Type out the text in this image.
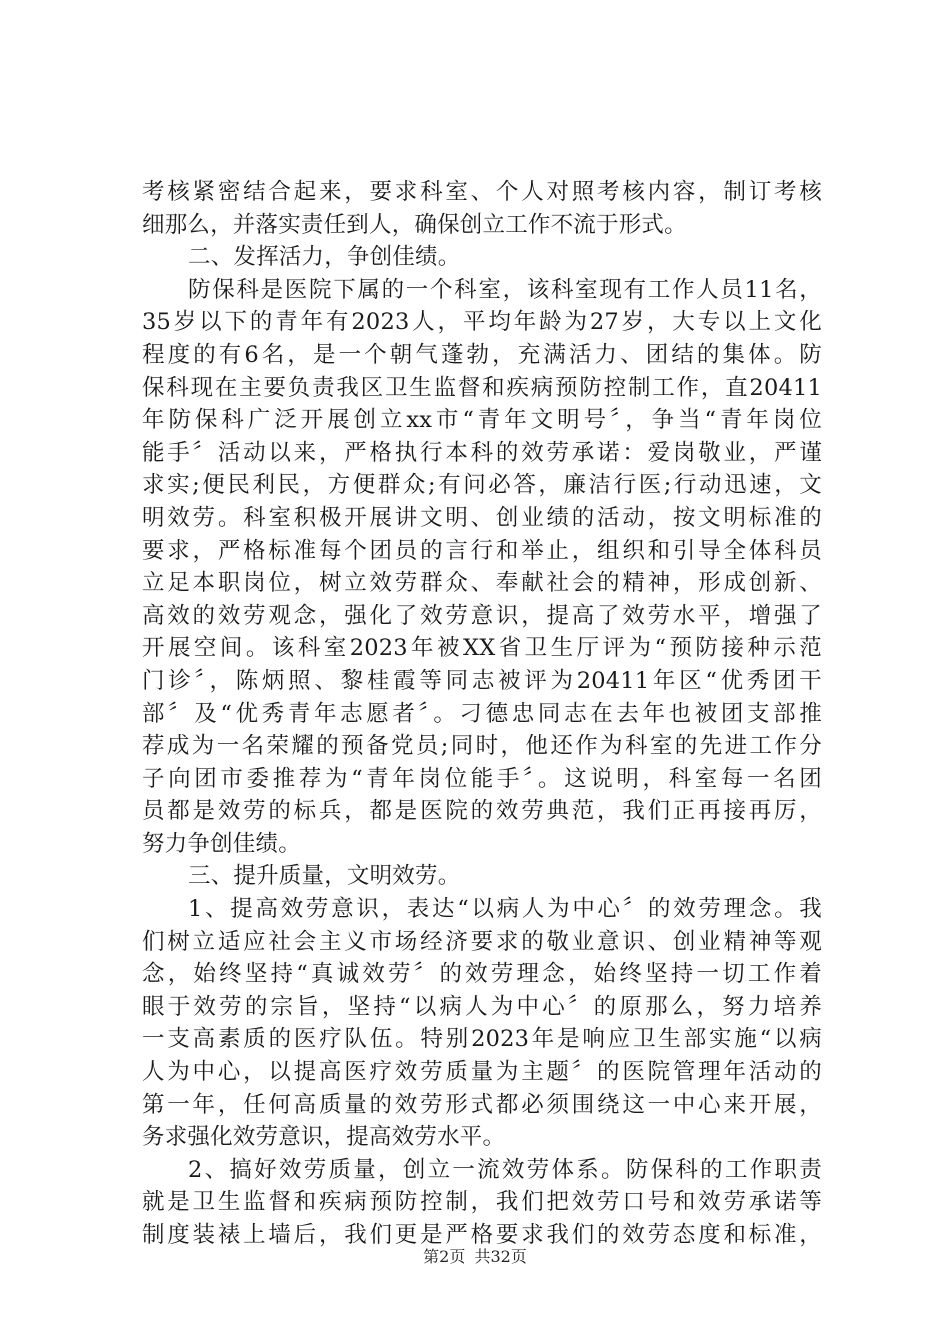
考核紧密结合起来，要求科室、个人对照考核内容，制订考核
细那么，并落实责任到人，确保创立工作不流于形式。
二、发挥活力，争创佳绩。
防保科是医院下属的一个科室，该科室现有工作人员11名，
35岁以下的青年有2023人，平均年龄为27岁，大专以上文化
程度的有6名，是一个朝气蓬勃，充满活力、团结的集体。防
保科现在主要负责我区卫生监督和疾病预防控制工作，直20411
年防保科广泛开展创立xx市“青年文明号〞，争当“青年岗位
能手〞活动以来，严格执行本科的效劳承诺：爱岗敬业，严谨
求实;便民利民，方便群众;有问必答，廉洁行医;行动迅速，文
明效劳。科室积极开展讲文明、创业绩的活动，按文明标准的
要求，严格标准每个团员的言行和举止，组织和引导全体科员
立足本职岗位，树立效劳群众、奉献社会的精神，形成创新、
高效的效劳观念，强化了效劳意识，提高了效劳水平，增强了
开展空间。该科室2023年被XX省卫生厅评为“预防接种示范
门诊〞，陈炳照、黎桂霞等同志被评为20411年区“优秀团干
部〞及“优秀青年志愿者〞。刁德忠同志在去年也被团支部推
荐成为一名荣耀的预备党员;同时，他还作为科室的先进工作分
子向团市委推荐为“青年岗位能手〞。这说明，科室每一名团
员都是效劳的标兵，都是医院的效劳典范，我们正再接再厉，
努力争创佳绩。
三、提升质量，文明效劳。
1、提高效劳意识，表达“以病人为中心〞的效劳理念。我
们树立适应社会主义市场经济要求的敬业意识、创业精神等观
念，始终坚持“真诚效劳〞的效劳理念，始终坚持一切工作着
眼于效劳的宗旨，坚持“以病人为中心〞的原那么，努力培养
一支高素质的医疗队伍。特别2023年是响应卫生部实施“以病
人为中心，以提高医疗效劳质量为主题〞的医院管理年活动的
第一年，任何高质量的效劳形式都必须围绕这一中心来开展，
务求强化效劳意识，提高效劳水平。
2、搞好效劳质量，创立一流效劳体系。防保科的工作职责
就是卫生监督和疾病预防控制，我们把效劳口号和效劳承诺等
制度装裱上墙后，我们更是严格要求我们的效劳态度和标准，
第2页 共32页
